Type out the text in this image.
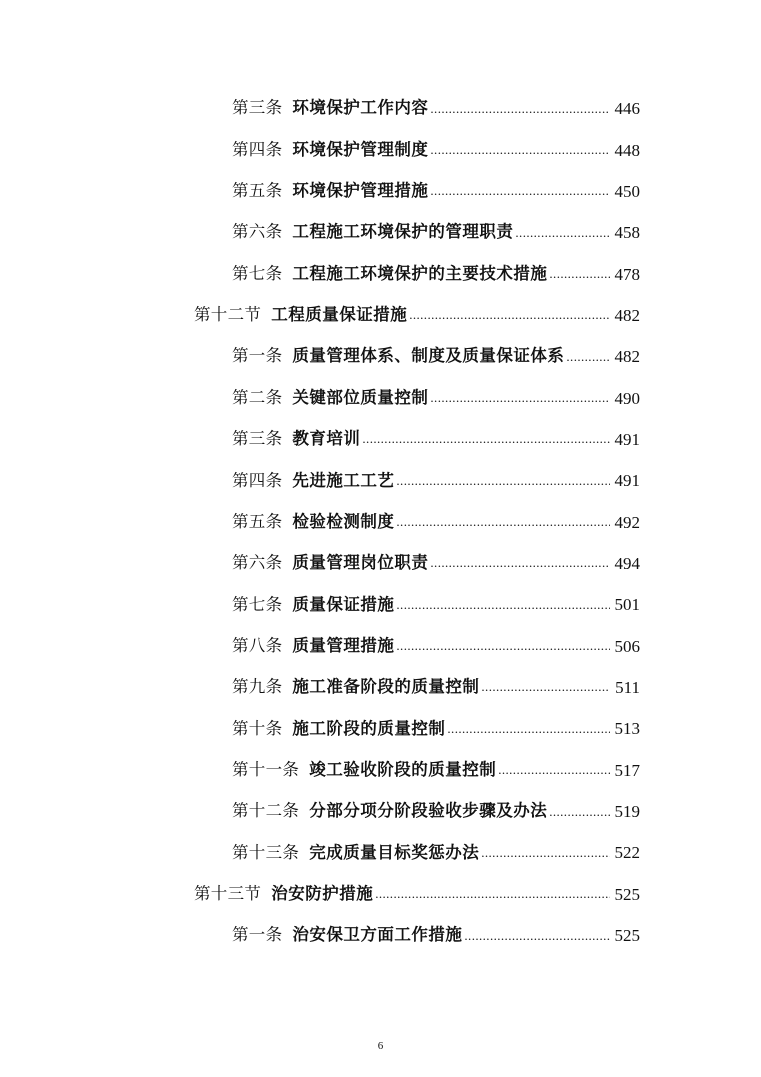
第三条 环境保护工作内容 .....	446
第四条 环境保护管理制度 .....	448
第五条 环境保护管理措施 .....	450
第六条 工程施工环境保护的管理职责 .....	458
第七条 工程施工环境保护的主要技术措施 .....	478
第十二节 工程质量保证措施 .....	482
第一条 质量管理体系、制度及质量保证体系 .....	482
第二条 关键部位质量控制 .....	490
第三条 教育培训 .....	491
第四条 先进施工工艺 .....	491
第五条 检验检测制度 .....	492
第六条 质量管理岗位职责 .....	494
第七条 质量保证措施 .....	501
第八条 质量管理措施 .....	506
第九条 施工准备阶段的质量控制 .....	511
第十条 施工阶段的质量控制 .....	513
第十一条 竣工验收阶段的质量控制 .....	517
第十二条 分部分项分阶段验收步骤及办法 .....	519
第十三条 完成质量目标奖惩办法 .....	522
第十三节 治安防护措施 .....	525
第一条 治安保卫方面工作措施 .....	525
6
